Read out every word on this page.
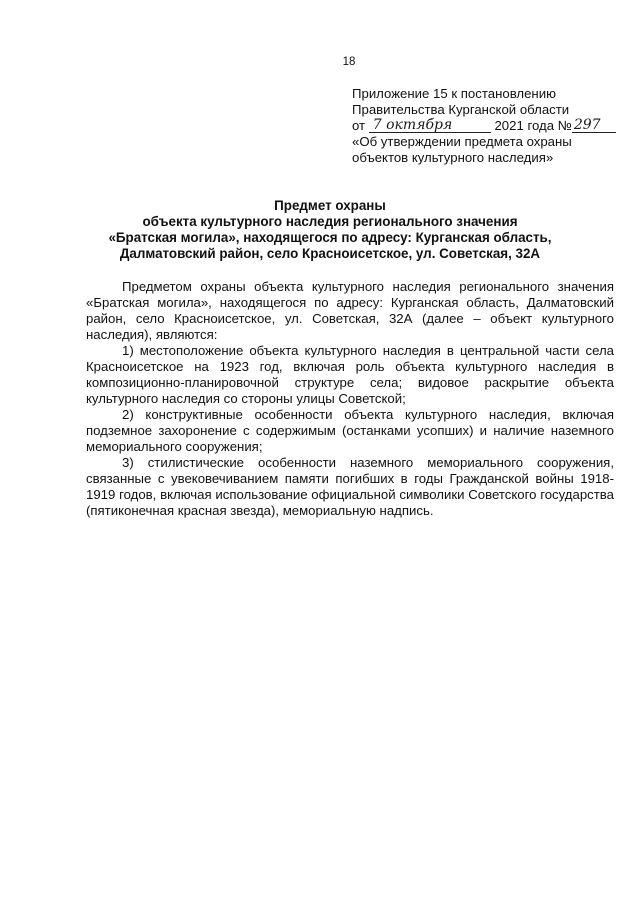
18
Приложение 15 к постановлению
Правительства Курганской области
от 7 октября	2021 года № 297
«Об утверждении предмета охраны
объектов культурного наследия»
Предмет охраны
объекта культурного наследия регионального значения
«Братская могила», находящегося по адресу: Курганская область,
Далматовский район, село Красноисетское, ул. Советская, 32А

Предметом охраны объекта культурного наследия регионального значения «Братская могила», находящегося по адресу: Курганская область, Далматовский район, село Красноисетское, ул. Советская, 32А (далее – объект культурного наследия), являются:

1) местоположение объекта культурного наследия в центральной части села Красноисетское на 1923 год, включая роль объекта культурного наследия в композиционно-планировочной структуре села; видовое раскрытие объекта культурного наследия со стороны улицы Советской;

2) конструктивные особенности объекта культурного наследия, включая подземное захоронение с содержимым (останками усопших) и наличие наземного мемориального сооружения;

3) стилистические особенности наземного мемориального сооружения, связанные с увековечиванием памяти погибших в годы Гражданской войны 1918-1919 годов, включая использование официальной символики Советского государства (пятиконечная красная звезда), мемориальную надпись.
